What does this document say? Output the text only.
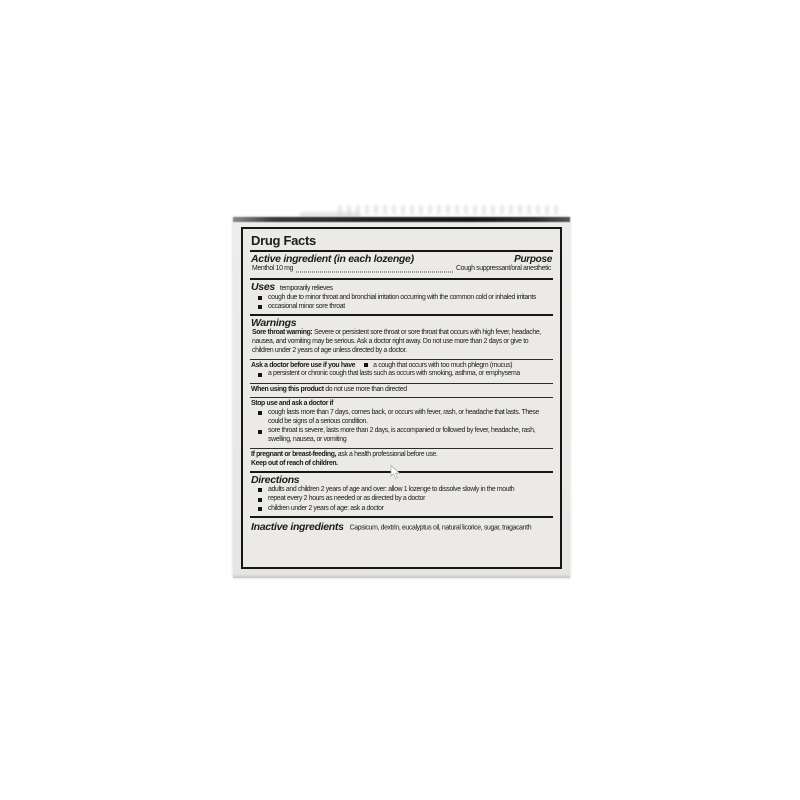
Drug Facts
Active ingredient (in each lozenge)	Purpose
Menthol 10 mg	Cough suppressant/oral anesthetic
Uses temporarily relieves
cough due to minor throat and bronchial irritation occurring with the common cold or inhaled irritants
occasional minor sore throat
Warnings
Sore throat warning: Severe or persistent sore throat or sore throat that occurs with high fever, headache, nausea, and vomiting may be serious. Ask a doctor right away. Do not use more than 2 days or give to children under 2 years of age unless directed by a doctor.
Ask a doctor before use if you have	a cough that occurs with too much phlegm (mucus)
a persistent or chronic cough that lasts such as occurs with smoking, asthma, or emphysema
When using this product do not use more than directed
Stop use and ask a doctor if
cough lasts more than 7 days, comes back, or occurs with fever, rash, or headache that lasts. These could be signs of a serious condition.
sore throat is severe, lasts more than 2 days, is accompanied or followed by fever, headache, rash, swelling, nausea, or vomiting
If pregnant or breast-feeding, ask a health professional before use.
Keep out of reach of children.
Directions
adults and children 2 years of age and over: allow 1 lozenge to dissolve slowly in the mouth
repeat every 2 hours as needed or as directed by a doctor
children under 2 years of age: ask a doctor
Inactive ingredients Capsicum, dextrin, eucalyptus oil, natural licorice, sugar, tragacanth
